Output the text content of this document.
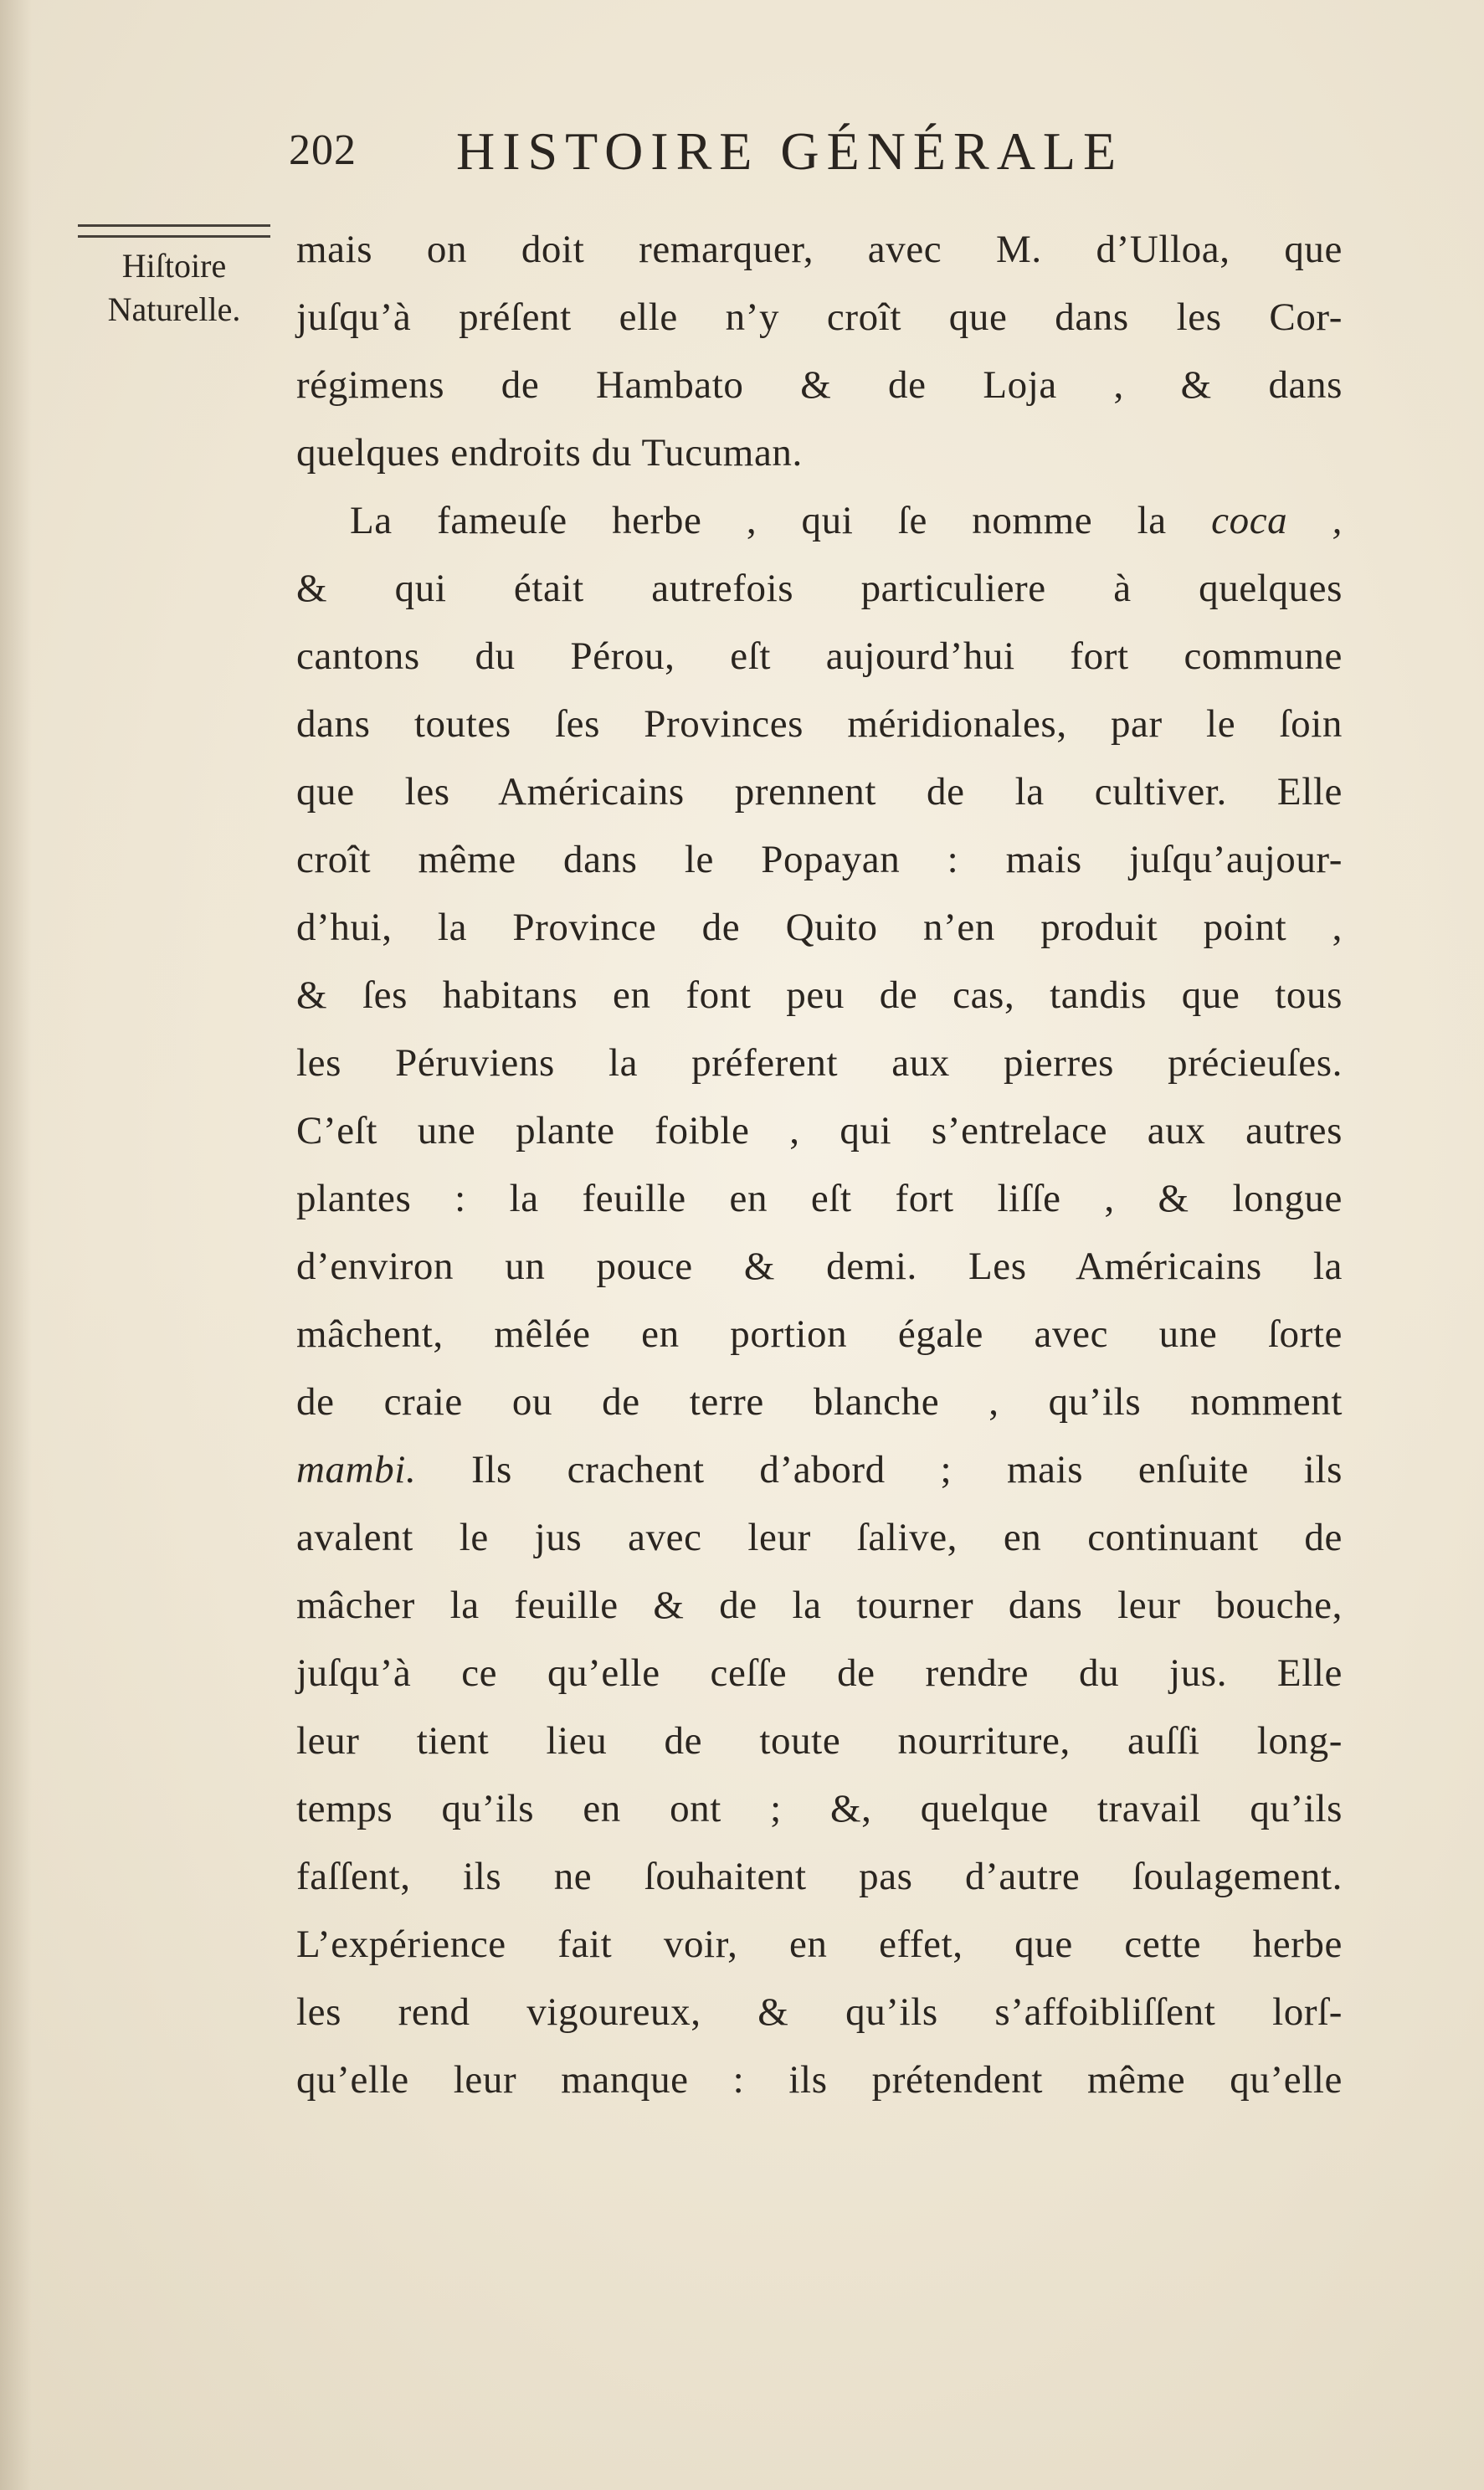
202 HISTOIRE GÉNÉRALE
Hiſtoire
Naturelle.
mais on doit remarquer, avec M. d’Ulloa, que
juſqu’à préſent elle n’y croît que dans les Cor-
régimens de Hambato & de Loja , & dans
quelques endroits du Tucuman.
La fameuſe herbe , qui ſe nomme la coca ,
& qui était autrefois particuliere à quelques
cantons du Pérou, eſt aujourd’hui fort commune
dans toutes ſes Provinces méridionales, par le ſoin
que les Américains prennent de la cultiver. Elle
croît même dans le Popayan : mais juſqu’aujour-
d’hui, la Province de Quito n’en produit point ,
& ſes habitans en font peu de cas, tandis que tous
les Péruviens la préferent aux pierres précieuſes.
C’eſt une plante foible , qui s’entrelace aux autres
plantes : la feuille en eſt fort liſſe , & longue
d’environ un pouce & demi. Les Américains la
mâchent, mêlée en portion égale avec une ſorte
de craie ou de terre blanche , qu’ils nomment
mambi. Ils crachent d’abord ; mais enſuite ils
avalent le jus avec leur ſalive, en continuant de
mâcher la feuille & de la tourner dans leur bouche,
juſqu’à ce qu’elle ceſſe de rendre du jus. Elle
leur tient lieu de toute nourriture, auſſi long-
temps qu’ils en ont ; &, quelque travail qu’ils
faſſent, ils ne ſouhaitent pas d’autre ſoulagement.
L’expérience fait voir, en effet, que cette herbe
les rend vigoureux, & qu’ils s’affoibliſſent lorſ-
qu’elle leur manque : ils prétendent même qu’elle
